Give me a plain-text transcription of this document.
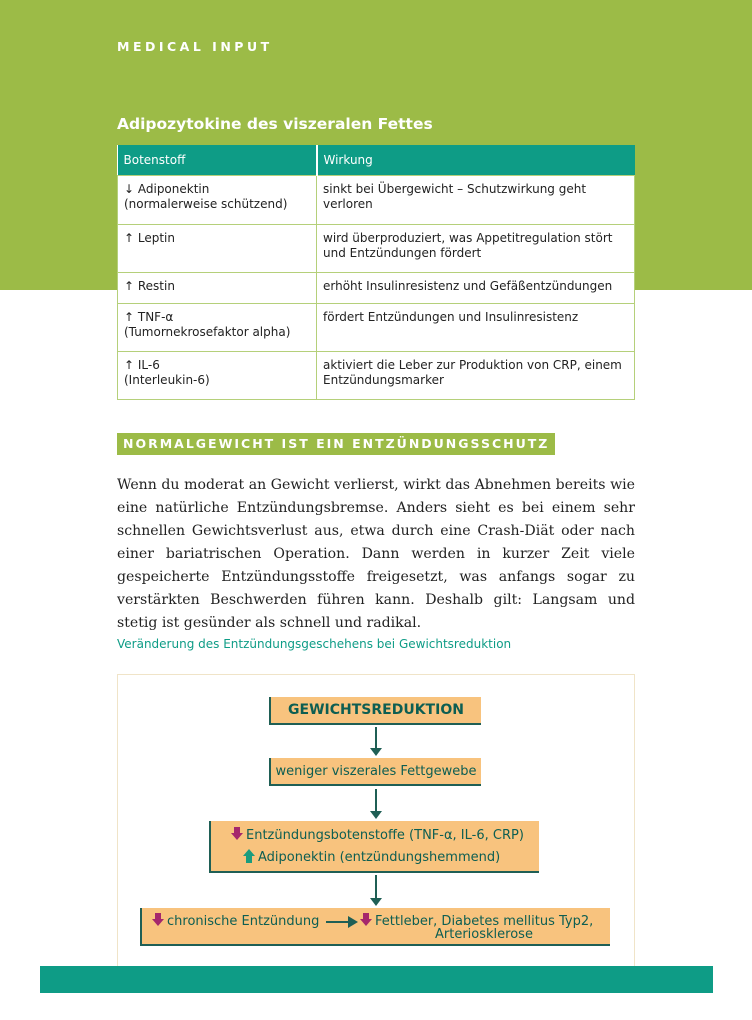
MEDICAL INPUT
Adipozytokine des viszeralen Fettes
Botenstoff	Wirkung
↓ Adiponektin
(normalerweise schützend)	sinkt bei Übergewicht – Schutzwirkung geht verloren
↑ Leptin	wird überproduziert, was Appetitregulation stört und Entzündungen fördert
↑ Restin	erhöht Insulinresistenz und Gefäßentzündungen
↑ TNF-α
(Tumornekrosefaktor alpha)	fördert Entzündungen und Insulinresistenz
↑ IL-6
(Interleukin-6)	aktiviert die Leber zur Produktion von CRP, einem Entzündungsmarker
NORMALGEWICHT IST EIN ENTZÜNDUNGSSCHUTZ
Wenn du moderat an Gewicht verlierst, wirkt das Abnehmen bereits wie eine natürliche Entzündungsbremse. Anders sieht es bei einem sehr schnellen Gewichtsverlust aus, etwa durch eine Crash-Diät oder nach einer bariatrischen Operation. Dann werden in kurzer Zeit viele gespeicherte Entzündungsstoffe freigesetzt, was anfangs sogar zu verstärkten Beschwerden führen kann. Deshalb gilt: Langsam und stetig ist gesünder als schnell und radikal.
Veränderung des Entzündungsgeschehens bei Gewichtsreduktion
GEWICHTSREDUKTION
weniger viszerales Fettgewebe
Entzündungsbotenstoffe (TNF-α, IL-6, CRP)
Adiponektin (entzündungshemmend)
chronische Entzündung	Fettleber, Diabetes mellitus Typ2,
Arteriosklerose
